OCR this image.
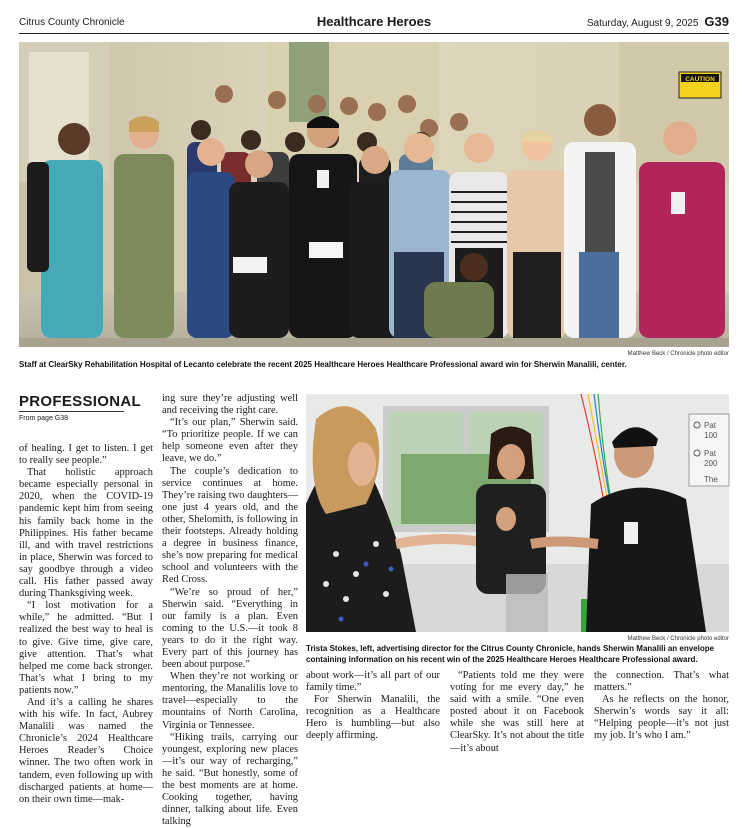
Citrus County Chronicle	Healthcare Heroes	Saturday, August 9, 2025 G39
CAUTION
Matthew Beck / Chronicle photo editor
Staff at ClearSky Rehabilitation Hospital of Lecanto celebrate the recent 2025 Healthcare Heroes Healthcare Professional award win for Sherwin Manalili, center.
PROFESSIONAL
From page G38

of healing. I get to listen. I get to really see people.”

That holistic approach became especially personal in 2020, when the COVID-19 pandemic kept him from seeing his family back home in the Philippines. His father became ill, and with travel restrictions in place, Sherwin was forced to say goodbye through a video call. His father passed away during Thanksgiving week.

“I lost motivation for a while,” he admitted. “But I realized the best way to heal is to give. Give time, give care, give attention. That’s what helped me come back stronger. That’s what I bring to my patients now.”

And it’s a calling he shares with his wife. In fact, Aubrey Manalili was named the Chronicle’s 2024 Healthcare Heroes Reader’s Choice winner. The two often work in tandem, even following up with discharged patients at home—on their own time—mak-

ing sure they’re adjusting well and receiving the right care.

“It’s our plan,” Sherwin said. “To prioritize people. If we can help someone even after they leave, we do.”

The couple’s dedication to service continues at home. They’re raising two daughters—one just 4 years old, and the other, Shelomith, is following in their footsteps. Already holding a degree in business finance, she’s now preparing for medical school and volunteers with the Red Cross.

“We’re so proud of her,” Sherwin said. “Everything in our family is a plan. Even coming to the U.S.—it took 8 years to do it the right way. Every part of this journey has been about purpose.”

When they’re not working or mentoring, the Manalilis love to travel—especially to the mountains of North Carolina, Virginia or Tennessee.

“Hiking trails, carrying our youngest, exploring new places—it’s our way of recharging,” he said. “But honestly, some of the best moments are at home. Cooking together, having dinner, talking about life. Even talking

Pat
100
Pat
200
The
Matthew Beck / Chronicle photo editor
Trista Stokes, left, advertising director for the Citrus County Chronicle, hands Sherwin Manalili an envelope containing information on his recent win of the 2025 Healthcare Heroes Healthcare Professional award.

about work—it’s all part of our family time.”

For Sherwin Manalili, the recognition as a Healthcare Hero is humbling—but also deeply affirming.

“Patients told me they were voting for me every day,” he said with a smile. “One even posted about it on Facebook while she was still here at ClearSky. It’s not about the title—it’s about

the connection. That’s what matters.”

As he reflects on the honor, Sherwin’s words say it all: “Helping people—it’s not just my job. It’s who I am.”
